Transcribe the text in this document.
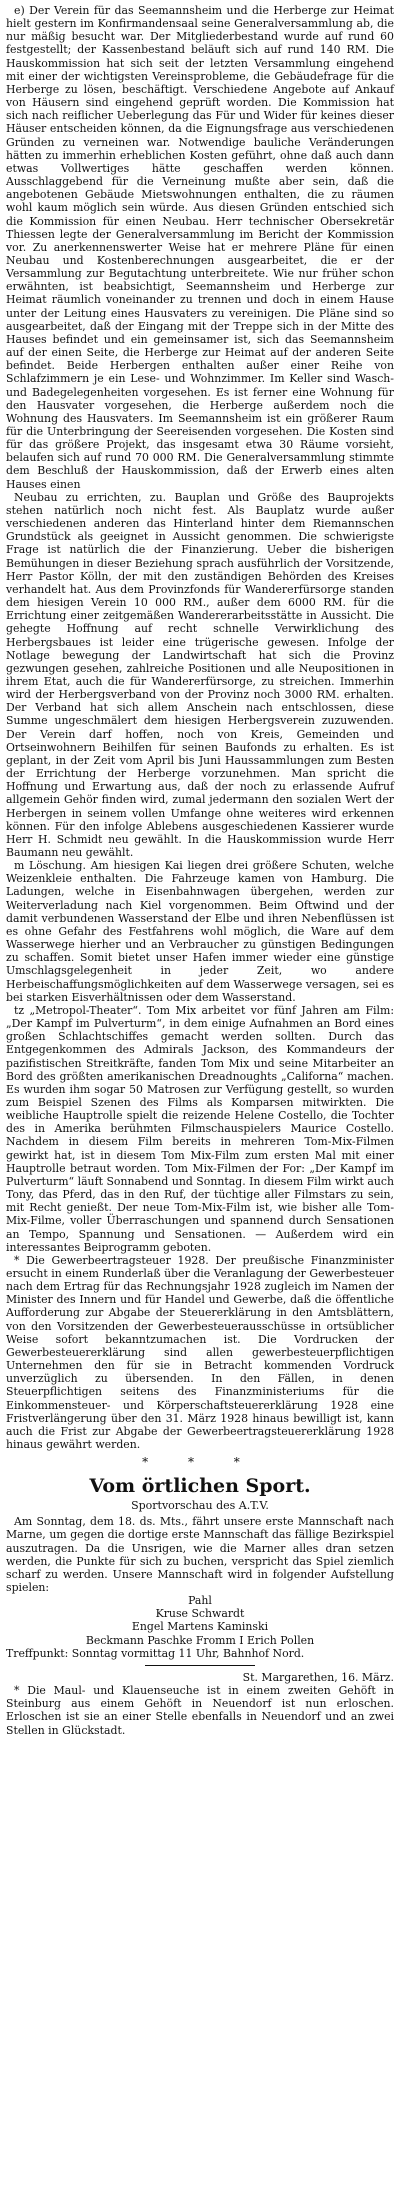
e) Der Verein für das Seemannsheim und die Herberge zur Heimat hielt gestern im Konfirmandensaal seine Generalversammlung ab, die nur mäßig besucht war. Der Mitgliederbestand wurde auf rund 60 festgestellt; der Kassenbestand beläuft sich auf rund 140 RM. Die Hauskommission hat sich seit der letzten Versammlung eingehend mit einer der wichtigsten Vereinsprobleme, die Gebäudefrage für die Herberge zu lösen, beschäftigt. Verschiedene Angebote auf Ankauf von Häusern sind eingehend geprüft worden. Die Kommission hat sich nach reiflicher Ueberlegung das Für und Wider für keines dieser Häuser entscheiden können, da die Eignungsfrage aus verschiedenen Gründen zu verneinen war. Notwendige bauliche Veränderungen hätten zu immerhin erheblichen Kosten geführt, ohne daß auch dann etwas Vollwertiges hätte geschaffen werden können. Ausschlaggebend für die Verneinung mußte aber sein, daß die angebotenen Gebäude Mietswohnungen enthalten, die zu räumen wohl kaum möglich sein würde. Aus diesen Gründen entschied sich die Kommission für einen Neubau. Herr technischer Obersekretär Thiessen legte der Generalversammlung im Bericht der Kommission vor. Zu anerkennenswerter Weise hat er mehrere Pläne für einen Neubau und Kostenberechnungen ausgearbeitet, die er der Versammlung zur Begutachtung unterbreitete. Wie nur früher schon erwähnten, ist beabsichtigt, Seemannsheim und Herberge zur Heimat räumlich voneinander zu trennen und doch in einem Hause unter der Leitung eines Hausvaters zu vereinigen. Die Pläne sind so ausgearbeitet, daß der Eingang mit der Treppe sich in der Mitte des Hauses befindet und ein gemeinsamer ist, sich das Seemannsheim auf der einen Seite, die Herberge zur Heimat auf der anderen Seite befindet. Beide Herbergen enthalten außer einer Reihe von Schlafzimmern je ein Lese- und Wohnzimmer. Im Keller sind Wasch- und Badegelegenheiten vorgesehen. Es ist ferner eine Wohnung für den Hausvater vorgesehen, die Herberge außerdem noch die Wohnung des Hausvaters. Im Seemannsheim ist ein größerer Raum für die Unterbringung der Seereisenden vorgesehen. Die Kosten sind für das größere Projekt, das insgesamt etwa 30 Räume vorsieht, belaufen sich auf rund 70 000 RM. Die Generalversammlung stimmte dem Beschluß der Hauskommission, daß der Erwerb eines alten Hauses einen

Neubau zu errichten, zu. Bauplan und Größe des Bauprojekts stehen natürlich noch nicht fest. Als Bauplatz wurde außer verschiedenen anderen das Hinterland hinter dem Riemannschen Grundstück als geeignet in Aussicht genommen. Die schwierigste Frage ist natürlich die der Finanzierung. Ueber die bisherigen Bemühungen in dieser Beziehung sprach ausführlich der Vorsitzende, Herr Pastor Kölln, der mit den zuständigen Behörden des Kreises verhandelt hat. Aus dem Provinzfonds für Wandererfürsorge standen dem hiesigen Verein 10 000 RM., außer dem 6000 RM. für die Errichtung einer zeitgemäßen Wandererarbeitsstätte in Aussicht. Die gehegte Hoffnung auf recht schnelle Verwirklichung des Herbergsbaues ist leider eine trügerische gewesen. Infolge der Notlage bewegung der Landwirtschaft hat sich die Provinz gezwungen gesehen, zahlreiche Positionen und alle Neupositionen in ihrem Etat, auch die für Wandererfürsorge, zu streichen. Immerhin wird der Herbergsverband von der Provinz noch 3000 RM. erhalten. Der Verband hat sich allem Anschein nach entschlossen, diese Summe ungeschmälert dem hiesigen Herbergsverein zuzuwenden. Der Verein darf hoffen, noch von Kreis, Gemeinden und Ortseinwohnern Beihilfen für seinen Baufonds zu erhalten. Es ist geplant, in der Zeit vom April bis Juni Haussammlungen zum Besten der Errichtung der Herberge vorzunehmen. Man spricht die Hoffnung und Erwartung aus, daß der noch zu erlassende Aufruf allgemein Gehör finden wird, zumal jedermann den sozialen Wert der Herbergen in seinem vollen Umfange ohne weiteres wird erkennen können. Für den infolge Ablebens ausgeschiedenen Kassierer wurde Herr H. Schmidt neu gewählt. In die Hauskommission wurde Herr Baumann neu gewählt.

m Löschung. Am hiesigen Kai liegen drei größere Schuten, welche Weizenkleie enthalten. Die Fahrzeuge kamen von Hamburg. Die Ladungen, welche in Eisenbahnwagen übergehen, werden zur Weiterverladung nach Kiel vorgenommen. Beim Oftwind und der damit verbundenen Wasserstand der Elbe und ihren Nebenflüssen ist es ohne Gefahr des Festfahrens wohl möglich, die Ware auf dem Wasserwege hierher und an Verbraucher zu günstigen Bedingungen zu schaffen. Somit bietet unser Hafen immer wieder eine günstige Umschlagsgelegenheit in jeder Zeit, wo andere Herbeischaffungsmöglichkeiten auf dem Wasserwege versagen, sei es bei starken Eisverhältnissen oder dem Wasserstand.

tz „Metropol-Theater“. Tom Mix arbeitet vor fünf Jahren am Film: „Der Kampf im Pulverturm“, in dem einige Aufnahmen an Bord eines großen Schlachtschiffes gemacht werden sollten. Durch das Entgegenkommen des Admirals Jackson, des Kommandeurs der pazifistischen Streitkräfte, fanden Tom Mix und seine Mitarbeiter an Bord des größten amerikanischen Dreadnoughts „Californa“ machen. Es wurden ihm sogar 50 Matrosen zur Verfügung gestellt, so wurden zum Beispiel Szenen des Films als Komparsen mitwirkten. Die weibliche Hauptrolle spielt die reizende Helene Costello, die Tochter des in Amerika berühmten Filmschauspielers Maurice Costello. Nachdem in diesem Film bereits in mehreren Tom-Mix-Filmen gewirkt hat, ist in diesem Tom Mix-Film zum ersten Mal mit einer Hauptrolle betraut worden. Tom Mix-Filmen der For: „Der Kampf im Pulverturm“ läuft Sonnabend und Sonntag. In diesem Film wirkt auch Tony, das Pferd, das in den Ruf, der tüchtige aller Filmstars zu sein, mit Recht genießt. Der neue Tom-Mix-Film ist, wie bisher alle Tom-Mix-Filme, voller Überraschungen und spannend durch Sensationen an Tempo, Spannung und Sensationen. — Außerdem wird ein interessantes Beiprogramm geboten.

* Die Gewerbeertragsteuer 1928. Der preußische Finanzminister ersucht in einem Runderlaß über die Veranlagung der Gewerbesteuer nach dem Ertrag für das Rechnungsjahr 1928 zugleich im Namen der Minister des Innern und für Handel und Gewerbe, daß die öffentliche Aufforderung zur Abgabe der Steuererklärung in den Amtsblättern, von den Vorsitzenden der Gewerbesteuerausschüsse in ortsüblicher Weise sofort bekanntzumachen ist. Die Vordrucken der Gewerbesteuererklärung sind allen gewerbesteuerpflichtigen Unternehmen den für sie in Betracht kommenden Vordruck unverzüglich zu übersenden. In den Fällen, in denen Steuerpflichtigen seitens des Finanzministeriums für die Einkommensteuer- und Körperschaftsteuererklärung 1928 eine Fristverlängerung über den 31. März 1928 hinaus bewilligt ist, kann auch die Frist zur Abgabe der Gewerbeertragsteuererklärung 1928 hinaus gewährt werden.

* * *
Vom örtlichen Sport.
Sportvorschau des A.T.V.

Am Sonntag, dem 18. ds. Mts., fährt unsere erste Mannschaft nach Marne, um gegen die dortige erste Mannschaft das fällige Bezirkspiel auszutragen. Da die Unsrigen, wie die Marner alles dran setzen werden, die Punkte für sich zu buchen, verspricht das Spiel ziemlich scharf zu werden. Unsere Mannschaft wird in folgender Aufstellung spielen:

Pahl
Kruse Schwardt
Engel Martens Kaminski
Beckmann Paschke Fromm I Erich Pollen

Treffpunkt: Sonntag vormittag 11 Uhr, Bahnhof Nord.

St. Margarethen, 16. März.

* Die Maul- und Klauenseuche ist in einem zweiten Gehöft in Steinburg aus einem Gehöft in Neuendorf ist nun erloschen. Erloschen ist sie an einer Stelle ebenfalls in Neuendorf und an zwei Stellen in Glückstadt.
